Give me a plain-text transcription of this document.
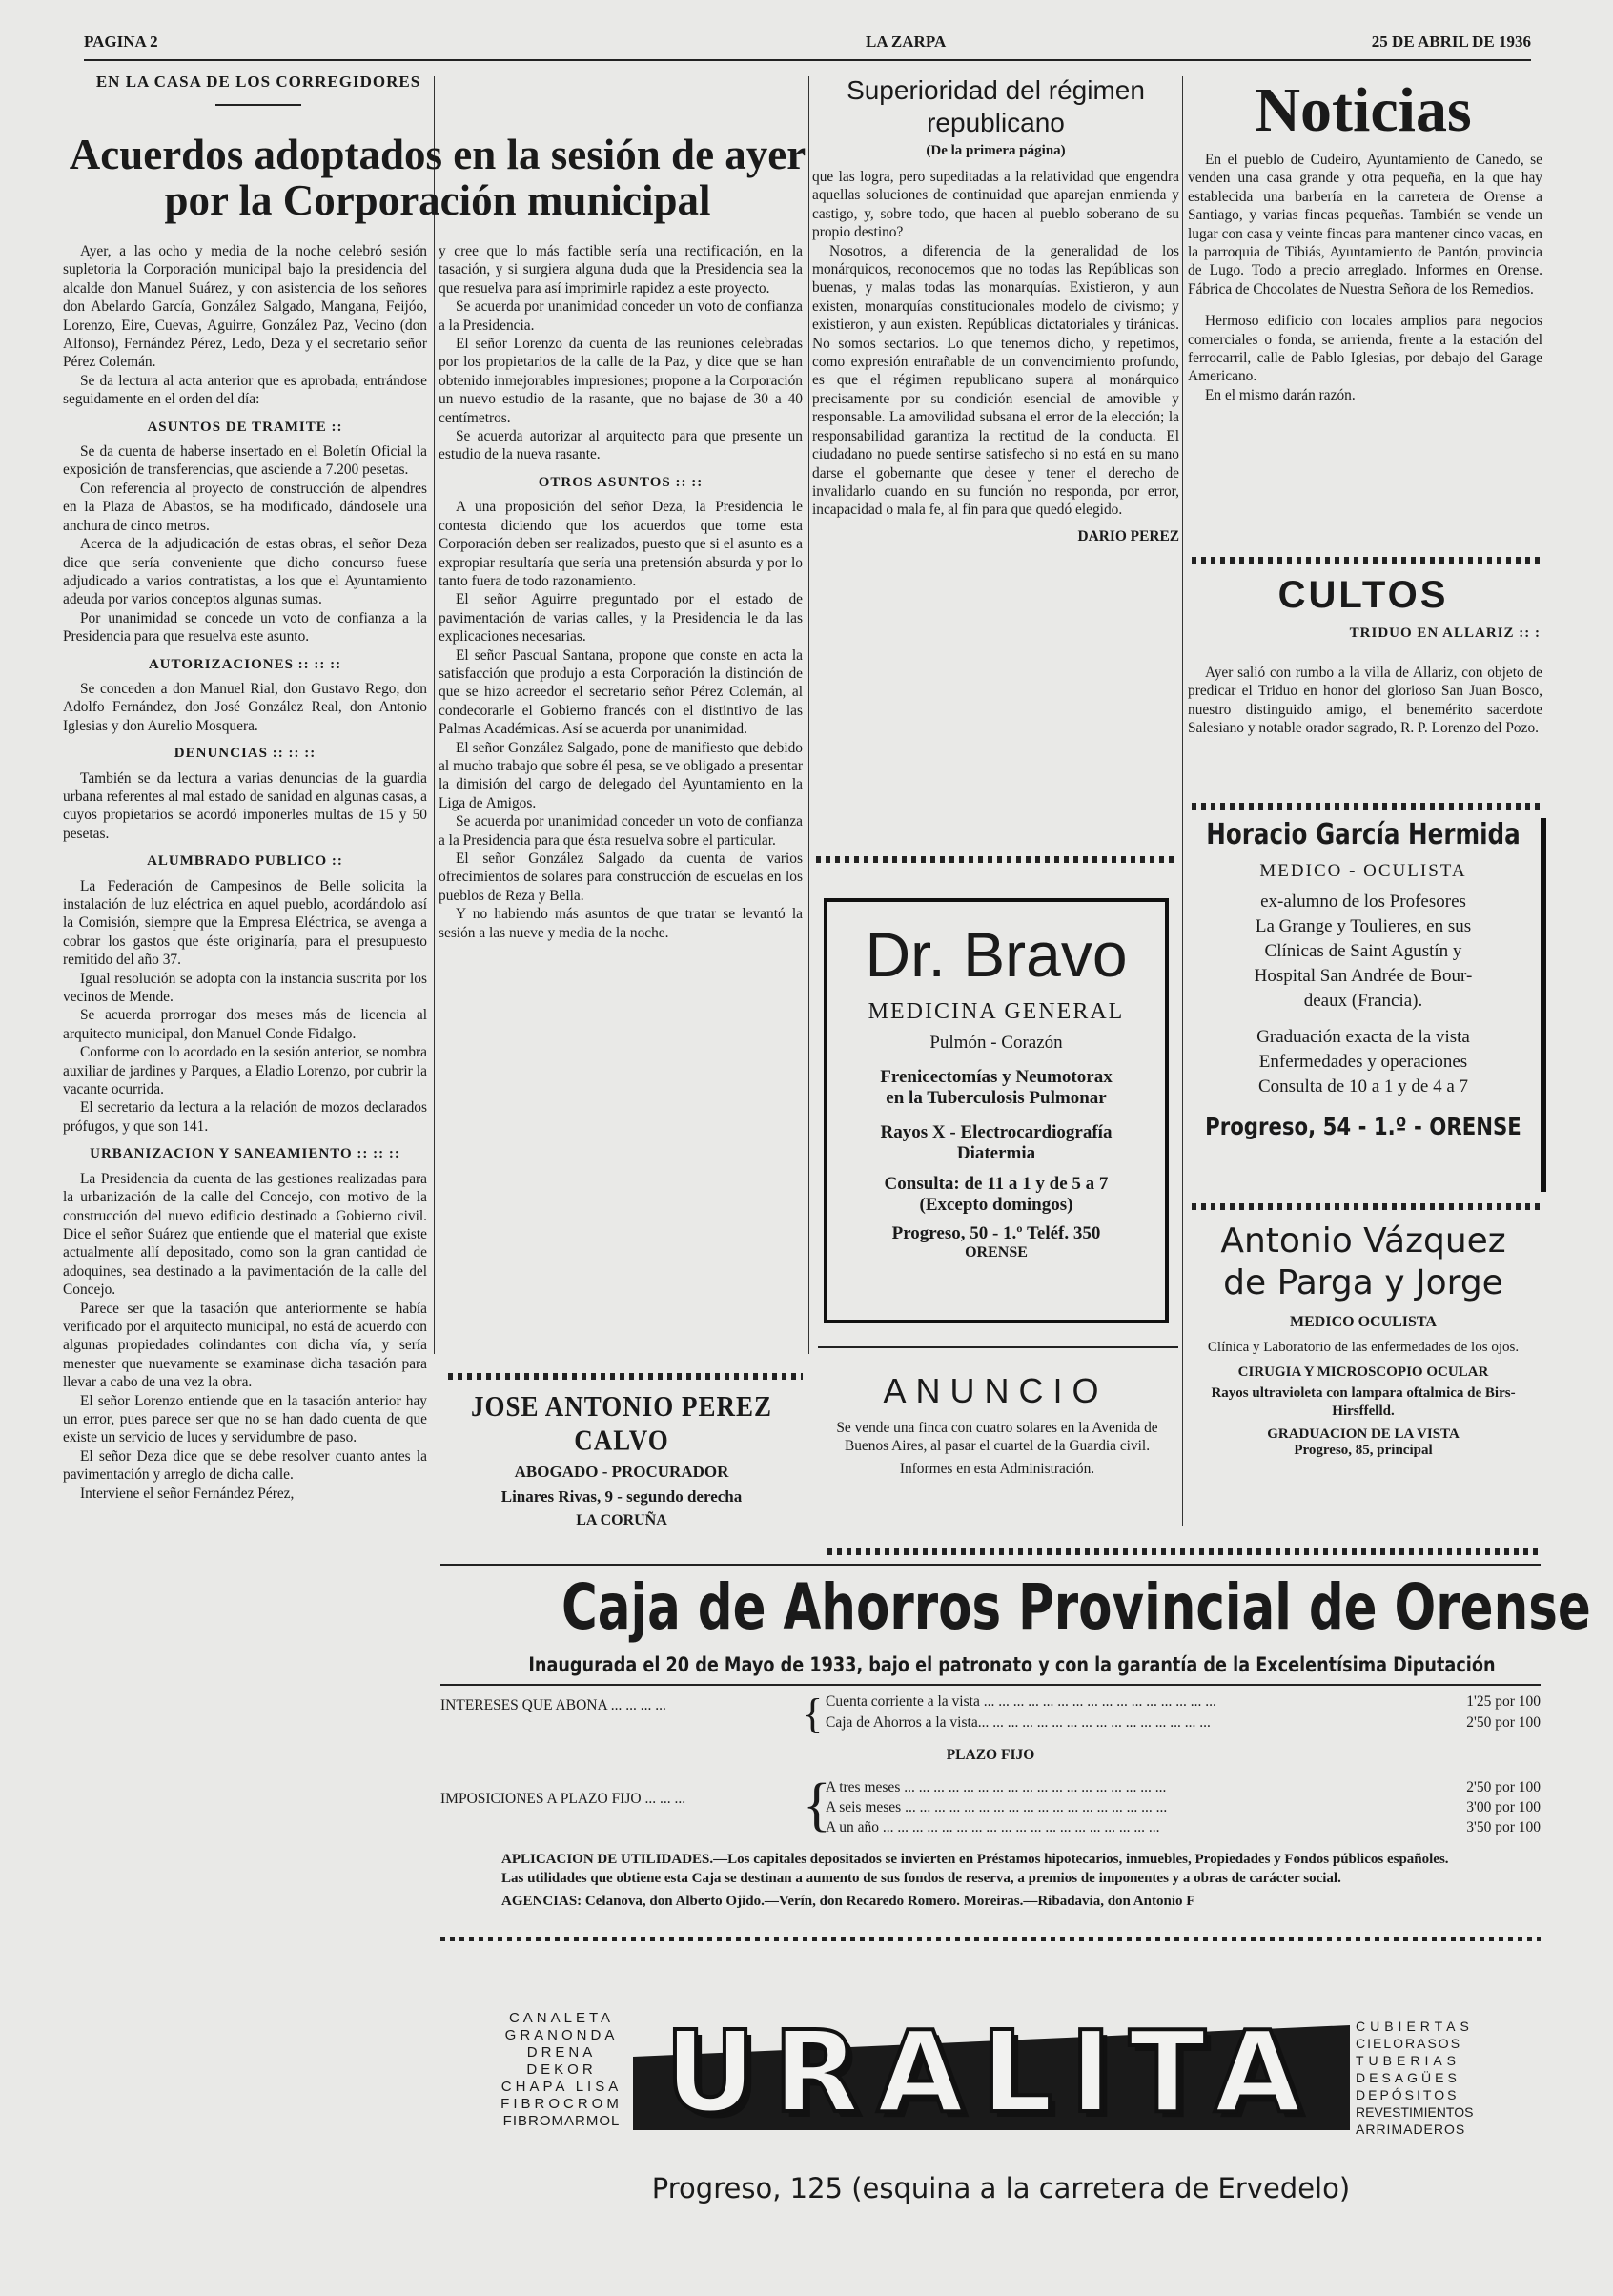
PAGINA 2	LA ZARPA	25 DE ABRIL DE 1936
EN LA CASA DE LOS CORREGIDORES
Acuerdos adoptados en la sesión de ayer por la Corporación municipal

Ayer, a las ocho y media de la noche celebró sesión supletoria la Corporación municipal bajo la presidencia del alcalde don Manuel Suárez, y con asistencia de los señores don Abelardo García, González Salgado, Mangana, Feijóo, Lorenzo, Eire, Cuevas, Aguirre, González Paz, Vecino (don Alfonso), Fernández Pérez, Ledo, Deza y el secretario señor Pérez Colemán.

Se da lectura al acta anterior que es aprobada, entrándose seguidamente en el orden del día:

ASUNTOS DE TRAMITE ::

Se da cuenta de haberse insertado en el Boletín Oficial la exposición de transferencias, que asciende a 7.200 pesetas.

Con referencia al proyecto de construcción de alpendres en la Plaza de Abastos, se ha modificado, dándosele una anchura de cinco metros.

Acerca de la adjudicación de estas obras, el señor Deza dice que sería conveniente que dicho concurso fuese adjudicado a varios contratistas, a los que el Ayuntamiento adeuda por varios conceptos algunas sumas.

Por unanimidad se concede un voto de confianza a la Presidencia para que resuelva este asunto.

AUTORIZACIONES :: :: ::

Se conceden a don Manuel Rial, don Gustavo Rego, don Adolfo Fernández, don José González Real, don Antonio Iglesias y don Aurelio Mosquera.

DENUNCIAS :: :: ::

También se da lectura a varias denuncias de la guardia urbana referentes al mal estado de sanidad en algunas casas, a cuyos propietarios se acordó imponerles multas de 15 y 50 pesetas.

ALUMBRADO PUBLICO ::

La Federación de Campesinos de Belle solicita la instalación de luz eléctrica en aquel pueblo, acordándolo así la Comisión, siempre que la Empresa Eléctrica, se avenga a cobrar los gastos que éste originaría, para el presupuesto remitido del año 37.

Igual resolución se adopta con la instancia suscrita por los vecinos de Mende.

Se acuerda prorrogar dos meses más de licencia al arquitecto municipal, don Manuel Conde Fidalgo.

Conforme con lo acordado en la sesión anterior, se nombra auxiliar de jardines y Parques, a Eladio Lorenzo, por cubrir la vacante ocurrida.

El secretario da lectura a la relación de mozos declarados prófugos, y que son 141.

URBANIZACION Y SANEAMIENTO :: :: ::

La Presidencia da cuenta de las gestiones realizadas para la urbanización de la calle del Concejo, con motivo de la construcción del nuevo edificio destinado a Gobierno civil. Dice el señor Suárez que entiende que el material que existe actualmente allí depositado, como son la gran cantidad de adoquines, sea destinado a la pavimentación de la calle del Concejo.

Parece ser que la tasación que anteriormente se había verificado por el arquitecto municipal, no está de acuerdo con algunas propiedades colindantes con dicha vía, y sería menester que nuevamente se examinase dicha tasación para llevar a cabo de una vez la obra.

El señor Lorenzo entiende que en la tasación anterior hay un error, pues parece ser que no se han dado cuenta de que existe un servicio de luces y servidumbre de paso.

El señor Deza dice que se debe resolver cuanto antes la pavimentación y arreglo de dicha calle.

Interviene el señor Fernández Pérez,

y cree que lo más factible sería una rectificación, en la tasación, y si surgiera alguna duda que la Presidencia sea la que resuelva para así imprimirle rapidez a este proyecto.

Se acuerda por unanimidad conceder un voto de confianza a la Presidencia.

El señor Lorenzo da cuenta de las reuniones celebradas por los propietarios de la calle de la Paz, y dice que se han obtenido inmejorables impresiones; propone a la Corporación un nuevo estudio de la rasante, que no bajase de 30 a 40 centímetros.

Se acuerda autorizar al arquitecto para que presente un estudio de la nueva rasante.

OTROS ASUNTOS :: ::

A una proposición del señor Deza, la Presidencia le contesta diciendo que los acuerdos que tome esta Corporación deben ser realizados, puesto que si el asunto es a expropiar resultaría que sería una pretensión absurda y por lo tanto fuera de todo razonamiento.

El señor Aguirre preguntado por el estado de pavimentación de varias calles, y la Presidencia le da las explicaciones necesarias.

El señor Pascual Santana, propone que conste en acta la satisfacción que produjo a esta Corporación la distinción de que se hizo acreedor el secretario señor Pérez Colemán, al condecorarle el Gobierno francés con el distintivo de las Palmas Académicas. Así se acuerda por unanimidad.

El señor González Salgado, pone de manifiesto que debido al mucho trabajo que sobre él pesa, se ve obligado a presentar la dimisión del cargo de delegado del Ayuntamiento en la Liga de Amigos.

Se acuerda por unanimidad conceder un voto de confianza a la Presidencia para que ésta resuelva sobre el particular.

El señor González Salgado da cuenta de varios ofrecimientos de solares para construcción de escuelas en los pueblos de Reza y Bella.

Y no habiendo más asuntos de que tratar se levantó la sesión a las nueve y media de la noche.

JOSE ANTONIO PEREZ CALVO
ABOGADO - PROCURADOR
Linares Rivas, 9 - segundo derecha
LA CORUÑA
Superioridad del régimen republicano
(De la primera página)

que las logra, pero supeditadas a la relatividad que engendra aquellas soluciones de continuidad que aparejan enmienda y castigo, y, sobre todo, que hacen al pueblo soberano de su propio destino?

Nosotros, a diferencia de la generalidad de los monárquicos, reconocemos que no todas las Repúblicas son buenas, y malas todas las monarquías. Existieron, y aun existen, monarquías constitucionales modelo de civismo; y existieron, y aun existen. Repúblicas dictatoriales y tiránicas. No somos sectarios. Lo que tenemos dicho, y repetimos, como expresión entrañable de un convencimiento profundo, es que el régimen republicano supera al monárquico precisamente por su condición esencial de amovible y responsable. La amovilidad subsana el error de la elección; la responsabilidad garantiza la rectitud de la conducta. El ciudadano no puede sentirse satisfecho si no está en su mano darse el gobernante que desee y tener el derecho de invalidarlo cuando en su función no responda, por error, incapacidad o mala fe, al fin para que quedó elegido.

DARIO PEREZ

Dr. Bravo
MEDICINA GENERAL
Pulmón - Corazón
Frenicectomías y Neumotorax
en la Tuberculosis Pulmonar
Rayos X - Electrocardiografía
Diatermia
Consulta: de 11 a 1 y de 5 a 7
(Excepto domingos)
Progreso, 50 - 1.º Teléf. 350
ORENSE
ANUNCIO

Se vende una finca con cuatro solares en la Avenida de Buenos Aires, al pasar el cuartel de la Guardia civil.

Informes en esta Administración.

Noticias

En el pueblo de Cudeiro, Ayuntamiento de Canedo, se venden una casa grande y otra pequeña, en la que hay establecida una barbería en la carretera de Orense a Santiago, y varias fincas pequeñas. También se vende un lugar con casa y veinte fincas para mantener cinco vacas, en la parroquia de Tibiás, Ayuntamiento de Pantón, provincia de Lugo. Todo a precio arreglado. Informes en Orense. Fábrica de Chocolates de Nuestra Señora de los Remedios.

Hermoso edificio con locales amplios para negocios comerciales o fonda, se arrienda, frente a la estación del ferrocarril, calle de Pablo Iglesias, por debajo del Garage Americano.

En el mismo darán razón.

CULTOS
TRIDUO EN ALLARIZ :: :

Ayer salió con rumbo a la villa de Allariz, con objeto de predicar el Triduo en honor del glorioso San Juan Bosco, nuestro distinguido amigo, el benemérito sacerdote Salesiano y notable orador sagrado, R. P. Lorenzo del Pozo.

Horacio García Hermida
MEDICO - OCULISTA
ex-alumno de los Profesores
La Grange y Toulieres, en sus
Clínicas de Saint Agustín y
Hospital San Andrée de Bour-
deaux (Francia).
Graduación exacta de la vista
Enfermedades y operaciones
Consulta de 10 a 1 y de 4 a 7
Progreso, 54 - 1.º - ORENSE
Antonio Vázquez
de Parga y Jorge
MEDICO OCULISTA
Clínica y Laboratorio de las enfermedades de los ojos.
CIRUGIA Y MICROSCOPIO OCULAR
Rayos ultravioleta con lampara oftalmica de Birs-Hirsffelld.
GRADUACION DE LA VISTA
Progreso, 85, principal
Caja de Ahorros Provincial de Orense
Inaugurada el 20 de Mayo de 1933, bajo el patronato y con la garantía de la Excelentísima Diputación
INTERESES QUE ABONA ... ... ... ...	{ Cuenta corriente a la vista ... ... ... ... ... ... ... ... ... ... ... ... ... ... ... ...	1'25 por 100
Caja de Ahorros a la vista... ... ... ... ... ... ... ... ... ... ... ... ... ... ... ...	2'50 por 100
PLAZO FIJO
IMPOSICIONES A PLAZO FIJO ... ... ...	{
A tres meses ... ... ... ... ... ... ... ... ... ... ... ... ... ... ... ... ... ...	2'50 por 100
A seis meses ... ... ... ... ... ... ... ... ... ... ... ... ... ... ... ... ... ...	3'00 por 100
A un año ... ... ... ... ... ... ... ... ... ... ... ... ... ... ... ... ... ... ...	3'50 por 100

APLICACION DE UTILIDADES.—Los capitales depositados se invierten en Préstamos hipotecarios, inmuebles, Propiedades y Fondos públicos españoles.

Las utilidades que obtiene esta Caja se destinan a aumento de sus fondos de reserva, a premios de imponentes y a obras de carácter social.

AGENCIAS: Celanova, don Alberto Ojido.—Verín, don Recaredo Romero. Moreiras.—Ribadavia, don Antonio F

CANALETA
GRANONDA
DRENA
DEKOR
CHAPA LISA
FIBROCROM
FIBROMARMOL URALITA	CUBIERTAS
CIELORASOS
TUBERIAS
DESAGÜES
DEPÓSITOS
REVESTIMIENTOS
ARRIMADEROS
Progreso, 125 (esquina a la carretera de Ervedelo)
